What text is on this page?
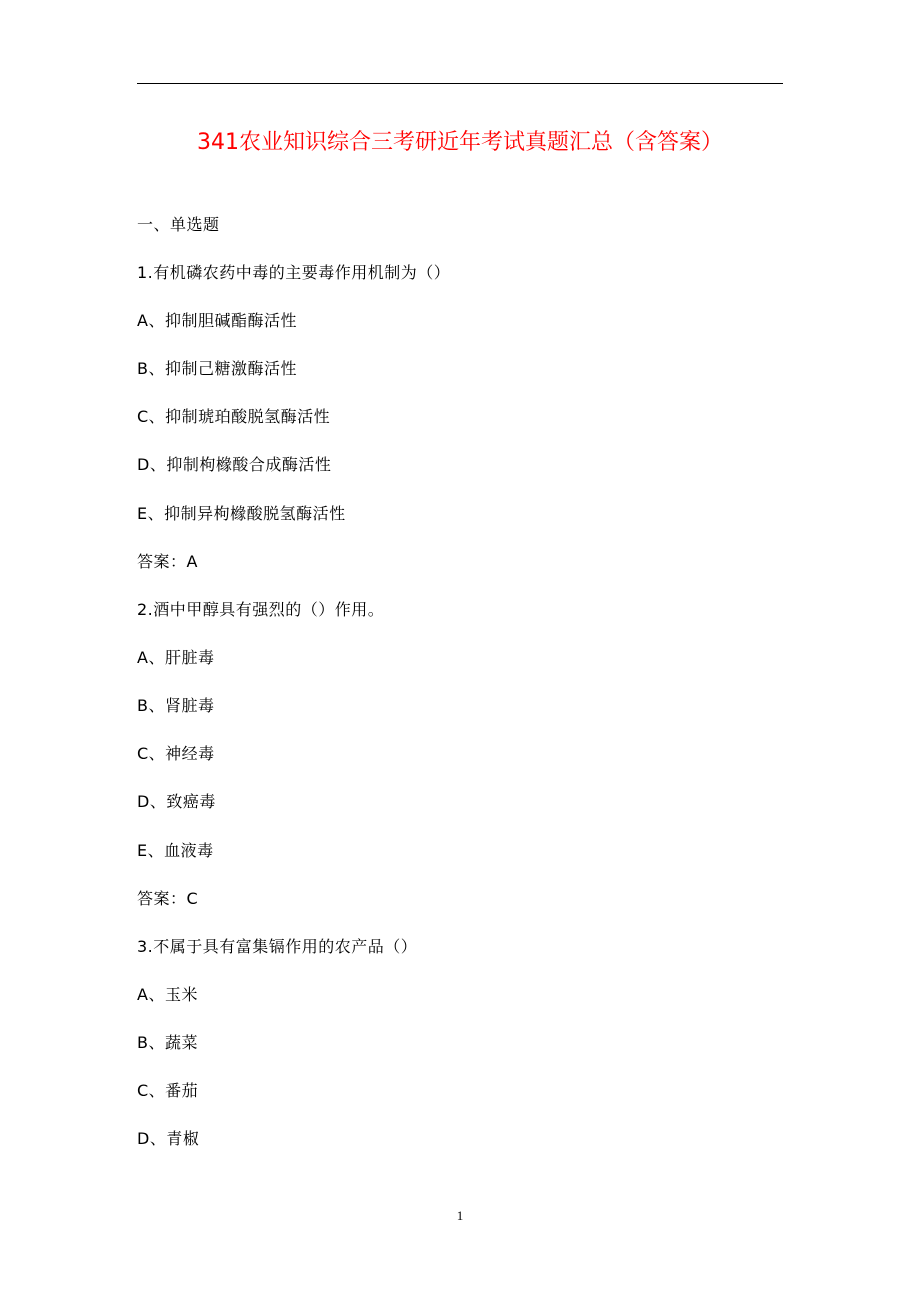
341农业知识综合三考研近年考试真题汇总（含答案）
一、单选题
1.有机磷农药中毒的主要毒作用机制为（）
A、抑制胆碱酯酶活性
B、抑制己糖激酶活性
C、抑制琥珀酸脱氢酶活性
D、抑制枸橼酸合成酶活性
E、抑制异枸橼酸脱氢酶活性
答案：A
2.酒中甲醇具有强烈的（）作用。
A、肝脏毒
B、肾脏毒
C、神经毒
D、致癌毒
E、血液毒
答案：C
3.不属于具有富集镉作用的农产品（）
A、玉米
B、蔬菜
C、番茄
D、青椒
1
